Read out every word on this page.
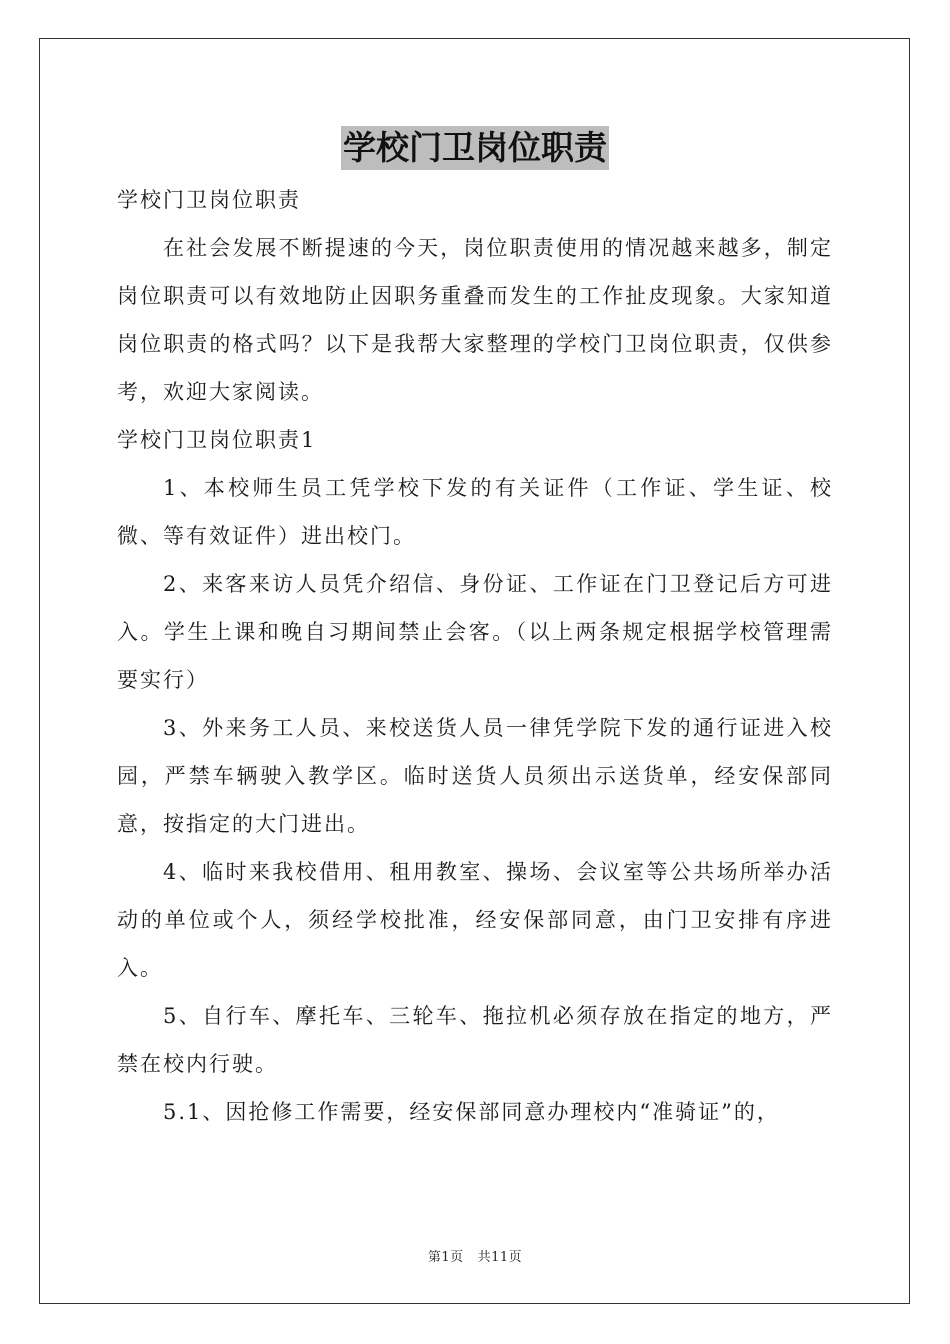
学校门卫岗位职责

学校门卫岗位职责

在社会发展不断提速的今天，岗位职责使用的情况越来越多，制定岗位职责可以有效地防止因职务重叠而发生的工作扯皮现象。大家知道岗位职责的格式吗？以下是我帮大家整理的学校门卫岗位职责，仅供参考，欢迎大家阅读。

学校门卫岗位职责1

1、本校师生员工凭学校下发的有关证件（工作证、学生证、校微、等有效证件）进出校门。

2、来客来访人员凭介绍信、身份证、工作证在门卫登记后方可进入。学生上课和晚自习期间禁止会客。（以上两条规定根据学校管理需要实行）

3、外来务工人员、来校送货人员一律凭学院下发的通行证进入校园，严禁车辆驶入教学区。临时送货人员须出示送货单，经安保部同意，按指定的大门进出。

4、临时来我校借用、租用教室、操场、会议室等公共场所举办活动的单位或个人，须经学校批准，经安保部同意，由门卫安排有序进入。

5、自行车、摩托车、三轮车、拖拉机必须存放在指定的地方，严禁在校内行驶。

5.1、因抢修工作需要，经安保部同意办理校内“准骑证”的，

第1页 共11页
